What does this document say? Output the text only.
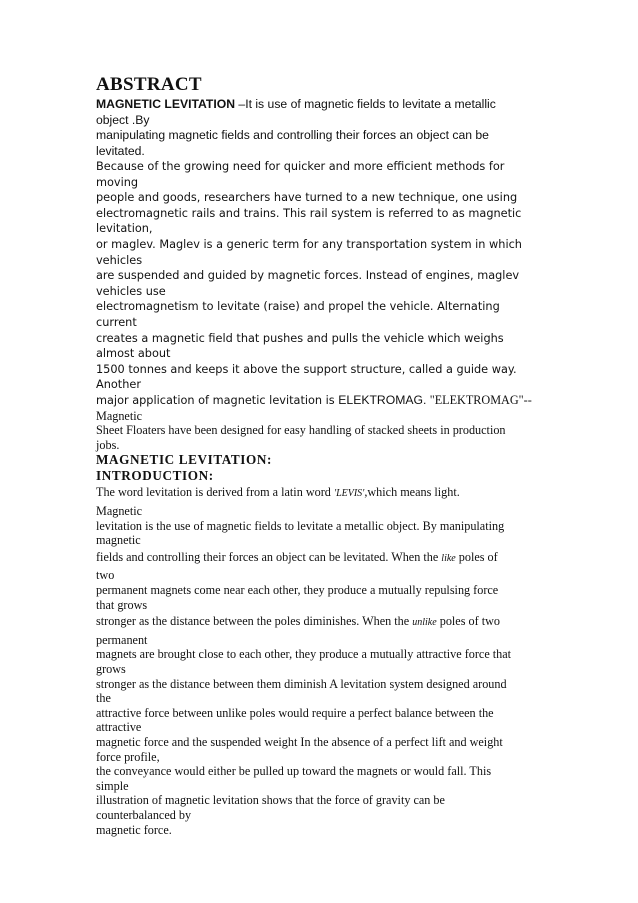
ABSTRACT
MAGNETIC LEVITATION –It is use of magnetic fields to levitate a metallic
object .By
manipulating magnetic fields and controlling their forces an object can be
levitated.
Because of the growing need for quicker and more efficient methods for
moving
people and goods, researchers have turned to a new technique, one using
electromagnetic rails and trains. This rail system is referred to as magnetic
levitation,
or maglev. Maglev is a generic term for any transportation system in which
vehicles
are suspended and guided by magnetic forces. Instead of engines, maglev
vehicles use
electromagnetism to levitate (raise) and propel the vehicle. Alternating
current
creates a magnetic field that pushes and pulls the vehicle which weighs
almost about
1500 tonnes and keeps it above the support structure, called a guide way.
Another
major application of magnetic levitation is ELEKTROMAG. "ELEKTROMAG"--
Magnetic
Sheet Floaters have been designed for easy handling of stacked sheets in production
jobs.
MAGNETIC LEVITATION:
INTRODUCTION:
The word levitation is derived from a latin word 'LEVIS',which means light.
Magnetic
levitation is the use of magnetic fields to levitate a metallic object. By manipulating
magnetic
fields and controlling their forces an object can be levitated. When the like poles of
two
permanent magnets come near each other, they produce a mutually repulsing force
that grows
stronger as the distance between the poles diminishes. When the unlike poles of two
permanent
magnets are brought close to each other, they produce a mutually attractive force that
grows
stronger as the distance between them diminish A levitation system designed around
the
attractive force between unlike poles would require a perfect balance between the
attractive
magnetic force and the suspended weight In the absence of a perfect lift and weight
force profile,
the conveyance would either be pulled up toward the magnets or would fall. This
simple
illustration of magnetic levitation shows that the force of gravity can be
counterbalanced by
magnetic force.
